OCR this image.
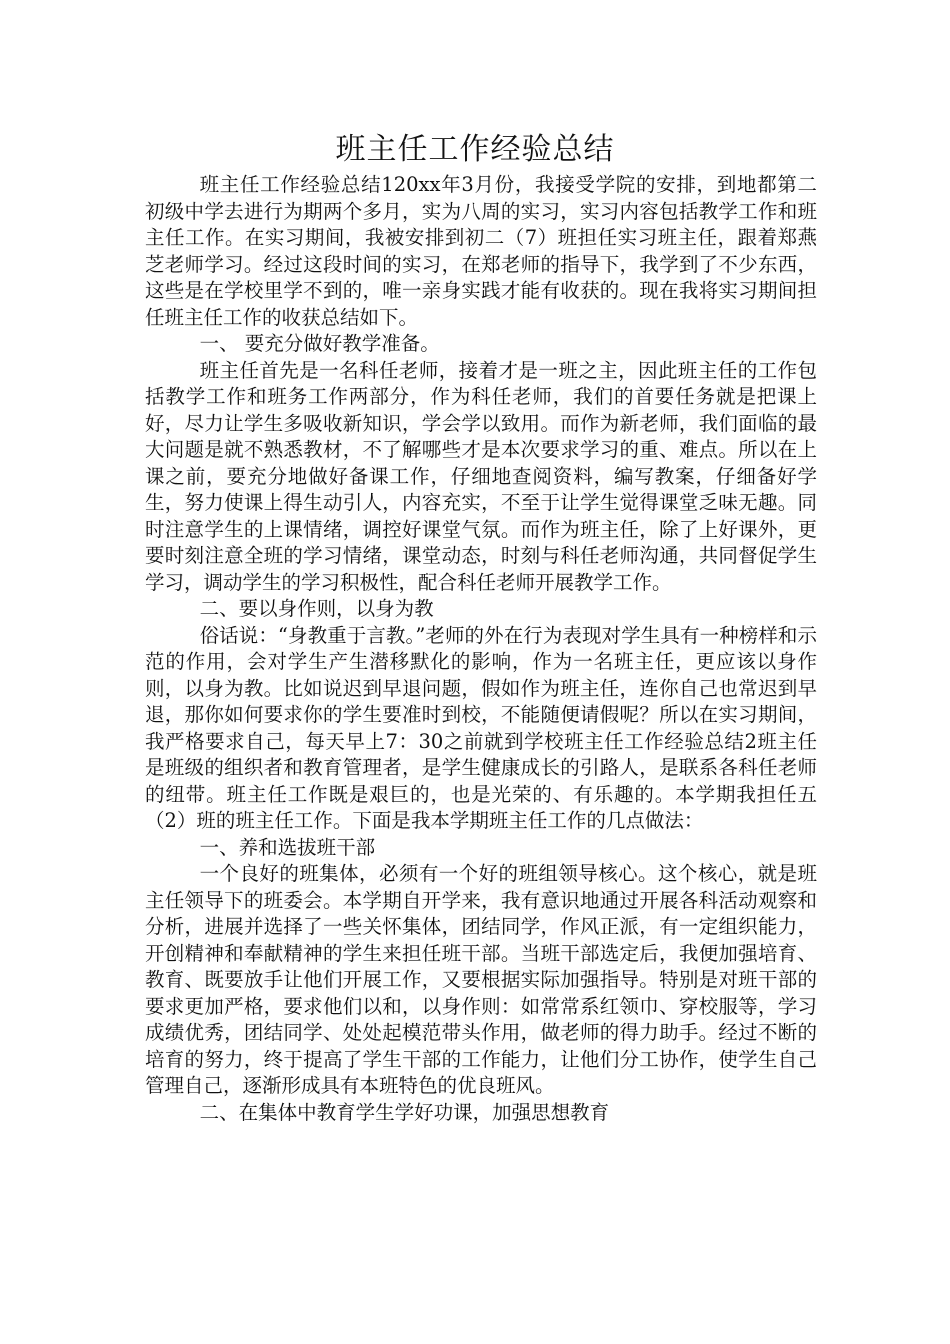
班主任工作经验总结

班主任工作经验总结120xx年3月份，我接受学院的安排，到地都第二初级中学去进行为期两个多月，实为八周的实习，实习内容包括教学工作和班主任工作。在实习期间，我被安排到初二（7）班担任实习班主任，跟着郑燕芝老师学习。经过这段时间的实习，在郑老师的指导下，我学到了不少东西，这些是在学校里学不到的，唯一亲身实践才能有收获的。现在我将实习期间担任班主任工作的收获总结如下。

一、 要充分做好教学准备。

班主任首先是一名科任老师，接着才是一班之主，因此班主任的工作包括教学工作和班务工作两部分，作为科任老师，我们的首要任务就是把课上好，尽力让学生多吸收新知识，学会学以致用。而作为新老师，我们面临的最大问题是就不熟悉教材，不了解哪些才是本次要求学习的重、难点。所以在上课之前，要充分地做好备课工作，仔细地查阅资料，编写教案，仔细备好学生，努力使课上得生动引人，内容充实，不至于让学生觉得课堂乏味无趣。同时注意学生的上课情绪，调控好课堂气氛。而作为班主任，除了上好课外，更要时刻注意全班的学习情绪，课堂动态，时刻与科任老师沟通，共同督促学生学习，调动学生的学习积极性，配合科任老师开展教学工作。

二、要以身作则，以身为教

俗话说：“身教重于言教。”老师的外在行为表现对学生具有一种榜样和示范的作用，会对学生产生潜移默化的影响，作为一名班主任，更应该以身作则，以身为教。比如说迟到早退问题，假如作为班主任，连你自己也常迟到早退，那你如何要求你的学生要准时到校，不能随便请假呢？所以在实习期间，我严格要求自己，每天早上7：30之前就到学校班主任工作经验总结2班主任是班级的组织者和教育管理者，是学生健康成长的引路人，是联系各科任老师的纽带。班主任工作既是艰巨的，也是光荣的、有乐趣的。本学期我担任五（2）班的班主任工作。下面是我本学期班主任工作的几点做法：

一、养和选拔班干部

一个良好的班集体，必须有一个好的班组领导核心。这个核心，就是班主任领导下的班委会。本学期自开学来，我有意识地通过开展各科活动观察和分析，进展并选择了一些关怀集体，团结同学，作风正派，有一定组织能力，开创精神和奉献精神的学生来担任班干部。当班干部选定后，我便加强培育、教育、既要放手让他们开展工作，又要根据实际加强指导。特别是对班干部的要求更加严格，要求他们以和，以身作则：如常常系红领巾、穿校服等，学习成绩优秀，团结同学、处处起模范带头作用，做老师的得力助手。经过不断的培育的努力，终于提高了学生干部的工作能力，让他们分工协作，使学生自己管理自己，逐渐形成具有本班特色的优良班风。

二、在集体中教育学生学好功课，加强思想教育
